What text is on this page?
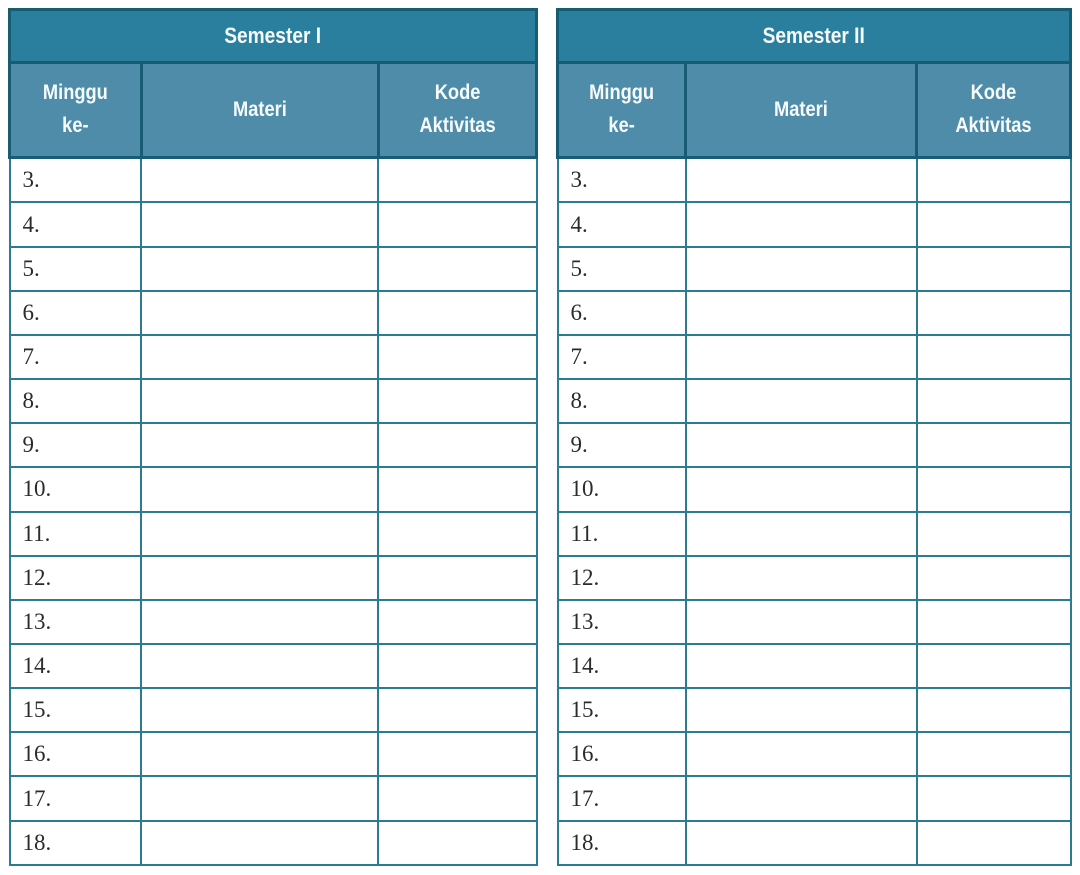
Semester I		
Minggu ke-	Materi	Kode Aktivitas
3.		
4.		
5.		
6.		
7.		
8.		
9.		
10.		
11.		
12.		
13.		
14.		
15.		
16.		
17.		
18.		
Semester II		
Minggu ke-	Materi	Kode Aktivitas
3.		
4.		
5.		
6.		
7.		
8.		
9.		
10.		
11.		
12.		
13.		
14.		
15.		
16.		
17.		
18.		
